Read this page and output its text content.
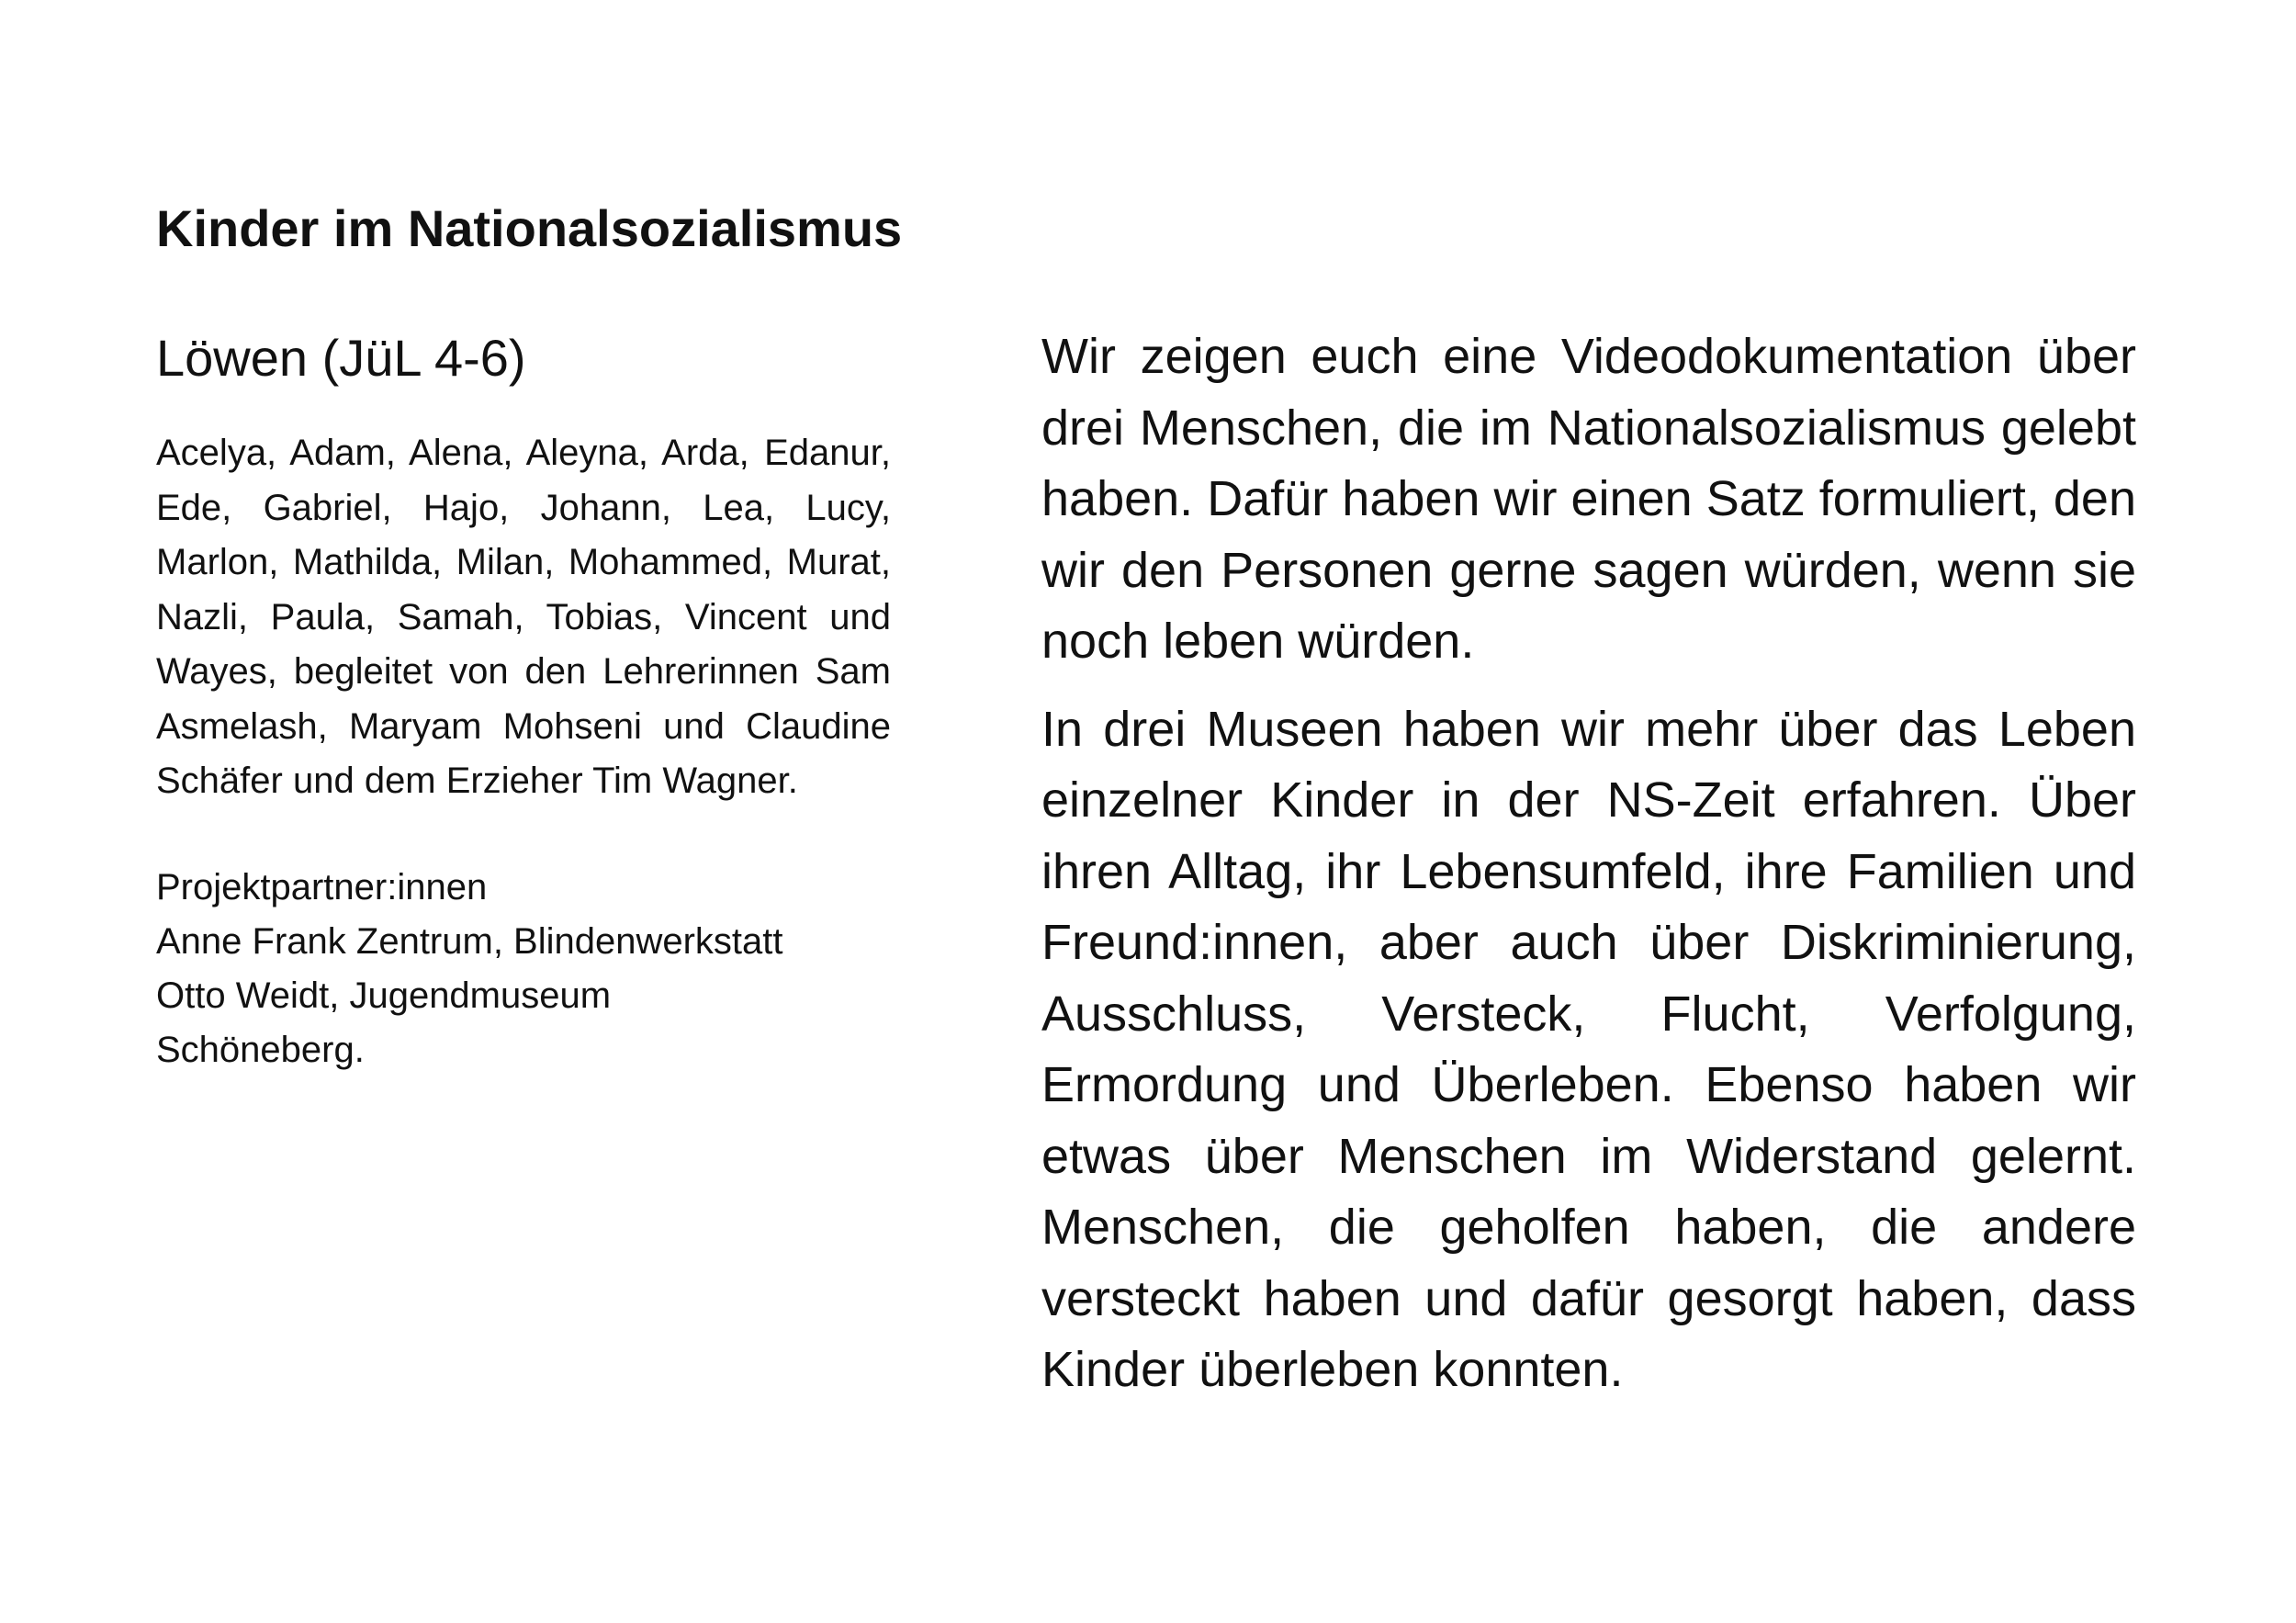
Kinder im Nationalsozialismus
Löwen (JüL 4-6)

Acelya, Adam, Alena, Aleyna, Arda, Edanur, Ede, Gabriel, Hajo, Johann, Lea, Lucy, Marlon, Mathilda, Milan, Mohammed, Murat, Nazli, Paula, Samah, Tobias, Vincent und Wayes, begleitet von den Lehrerinnen Sam Asmelash, Maryam Mohseni und Claudine Schäfer und dem Erzieher Tim Wagner.

Projektpartner:innen

Anne Frank Zentrum, Blindenwerkstatt
Otto Weidt, Jugendmuseum
Schöneberg.

Wir zeigen euch eine Videodokumentation über drei Menschen, die im Nationalsozialismus gelebt haben. Dafür haben wir einen Satz formuliert, den wir den Personen gerne sagen würden, wenn sie noch leben würden.

In drei Museen haben wir mehr über das Leben einzelner Kinder in der NS-Zeit erfahren. Über ihren Alltag, ihr Lebensumfeld, ihre Familien und Freund:innen, aber auch über Diskriminierung, Ausschluss, Versteck, Flucht, Verfolgung, Ermordung und Überleben. Ebenso haben wir etwas über Menschen im Widerstand gelernt. Menschen, die geholfen haben, die andere versteckt haben und dafür gesorgt haben, dass Kinder überleben konnten.
